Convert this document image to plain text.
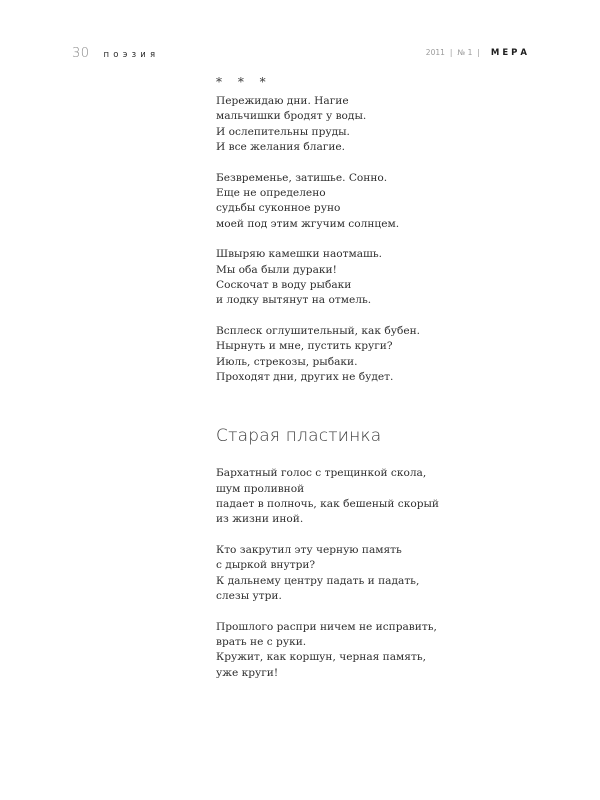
30 поэзия	2011 | № 1 | МЕРА
* * *
Пережидаю дни. Нагие
мальчишки бродят у воды.
И ослепительны пруды.
И все желания благие.
Безвременье, затишье. Сонно.
Еще не определено
судьбы суконное руно
моей под этим жгучим солнцем.
Швыряю камешки наотмашь.
Мы оба были дураки!
Соскочат в воду рыбаки
и лодку вытянут на отмель.
Всплеск оглушительный, как бубен.
Нырнуть и мне, пустить круги?
Июль, стрекозы, рыбаки.
Проходят дни, других не будет.
Старая пластинка
Бархатный голос с трещинкой скола,
шум проливной
падает в полночь, как бешеный скорый
из жизни иной.
Кто закрутил эту черную память
с дыркой внутри?
К дальнему центру падать и падать,
слезы утри.
Прошлого распри ничем не исправить,
врать не с руки.
Кружит, как коршун, черная память,
уже круги!
